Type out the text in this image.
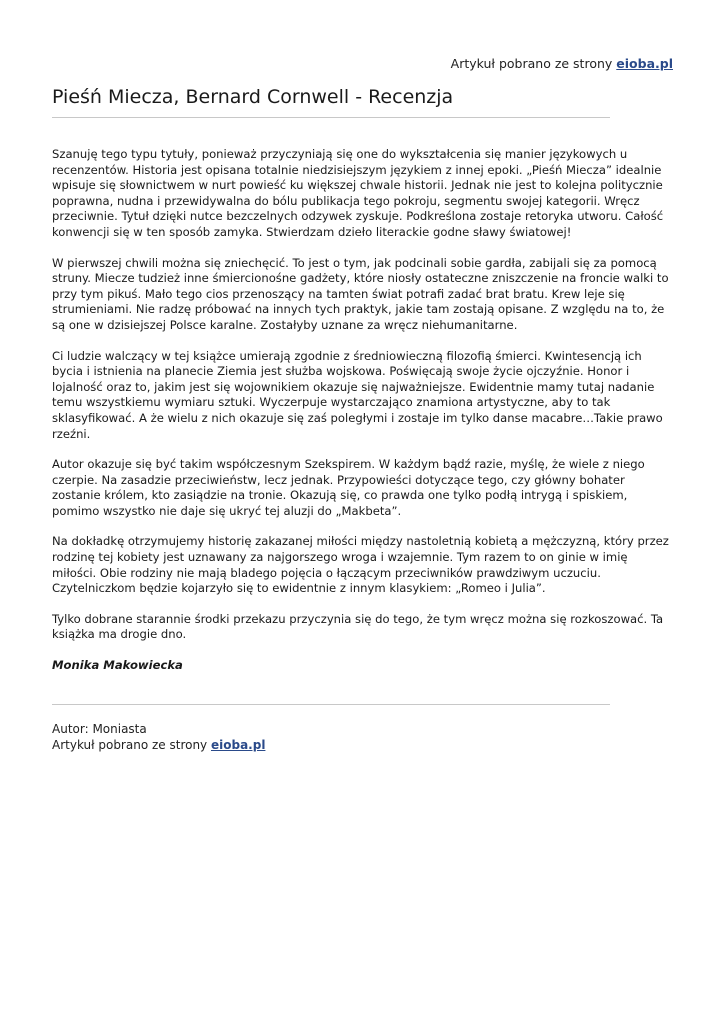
Artykuł pobrano ze strony eioba.pl
Pieśń Miecza, Bernard Cornwell - Recenzja

Szanuję tego typu tytuły, ponieważ przyczyniają się one do wykształcenia się manier językowych u recenzentów. Historia jest opisana totalnie niedzisiejszym językiem z innej epoki. „Pieśń Miecza” idealnie wpisuje się słownictwem w nurt powieść ku większej chwale historii. Jednak nie jest to kolejna politycznie poprawna, nudna i przewidywalna do bólu publikacja tego pokroju, segmentu swojej kategorii. Wręcz przeciwnie. Tytuł dzięki nutce bezczelnych odzywek zyskuje. Podkreślona zostaje retoryka utworu. Całość konwencji się w ten sposób zamyka. Stwierdzam dzieło literackie godne sławy światowej!

W pierwszej chwili można się zniechęcić. To jest o tym, jak podcinali sobie gardła, zabijali się za pomocą struny. Miecze tudzież inne śmiercionośne gadżety, które niosły ostateczne zniszczenie na froncie walki to przy tym pikuś. Mało tego cios przenoszący na tamten świat potrafi zadać brat bratu. Krew leje się strumieniami. Nie radzę próbować na innych tych praktyk, jakie tam zostają opisane. Z względu na to, że są one w dzisiejszej Polsce karalne. Zostałyby uznane za wręcz niehumanitarne.

Ci ludzie walczący w tej książce umierają zgodnie z średniowieczną filozofią śmierci. Kwintesencją ich bycia i istnienia na planecie Ziemia jest służba wojskowa. Poświęcają swoje życie ojczyźnie. Honor i lojalność oraz to, jakim jest się wojownikiem okazuje się najważniejsze. Ewidentnie mamy tutaj nadanie temu wszystkiemu wymiaru sztuki. Wyczerpuje wystarczająco znamiona artystyczne, aby to tak sklasyfikować. A że wielu z nich okazuje się zaś poległymi i zostaje im tylko danse macabre…Takie prawo rzeźni.

Autor okazuje się być takim współczesnym Szekspirem. W każdym bądź razie, myślę, że wiele z niego czerpie. Na zasadzie przeciwieństw, lecz jednak. Przypowieści dotyczące tego, czy główny bohater zostanie królem, kto zasiądzie na tronie. Okazują się, co prawda one tylko podłą intrygą i spiskiem, pomimo wszystko nie daje się ukryć tej aluzji do „Makbeta”.

Na dokładkę otrzymujemy historię zakazanej miłości między nastoletnią kobietą a mężczyzną, który przez rodzinę tej kobiety jest uznawany za najgorszego wroga i wzajemnie. Tym razem to on ginie w imię miłości. Obie rodziny nie mają bladego pojęcia o łączącym przeciwników prawdziwym uczuciu. Czytelniczkom będzie kojarzyło się to ewidentnie z innym klasykiem: „Romeo i Julia”.

Tylko dobrane starannie środki przekazu przyczynia się do tego, że tym wręcz można się rozkoszować. Ta książka ma drogie dno.

Monika Makowiecka

Autor: Moniasta
Artykuł pobrano ze strony eioba.pl
